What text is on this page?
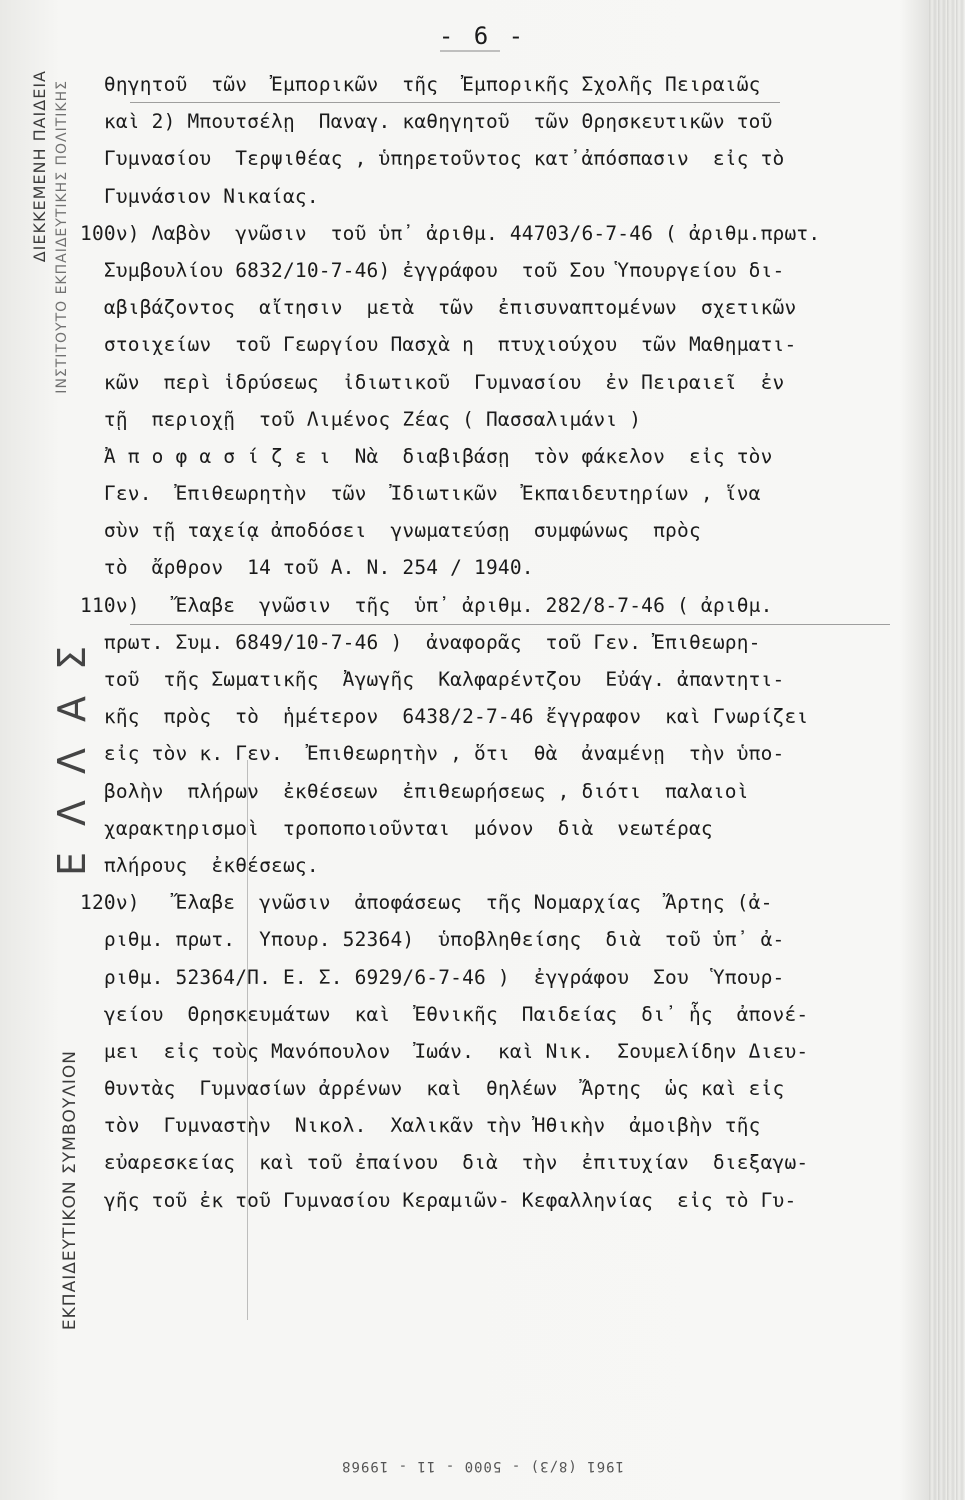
ΔΙΕΚΚΕΜΕΝΗ ΠΑΙΔΕΙΑ ΙΝΣΤΙΤΟΥΤΟ ΕΚΠΑΙΔΕΥΤΙΚΗΣ ΠΟΛΙΤΙΚΗΣ
ΕΛΛΑΣ
ΕΚΠΑΙΔΕΥΤΙΚΟΝ ΣΥΜΒΟΥΛΙΟΝ
- 6 -
θηγητοῦ  τῶν  Ἐμπορικῶν  τῆς  Ἐμπορικῆς Σχολῆς Πειραιῶς
καὶ 2) Μπουτσέλῃ  Παναγ. καθηγητοῦ  τῶν Θρησκευτικῶν τοῦ
Γυμνασίου  Τερψιθέας , ὑπηρετοῦντος κατ᾽ἀπόσπασιν  εἰς τὸ
Γυμνάσιον Νικαίας.
100ν) Λαβὸν  γνῶσιν  τοῦ ὑπ᾽ ἀριθμ. 44703/6-7-46 ( ἀριθμ.πρωτ.
Συμβουλίου 6832/10-7-46) ἐγγράφου  τοῦ Σου Ὑπουργείου δι-
αβιβάζοντος  αἴτησιν  μετὰ  τῶν  ἐπισυναπτομένων  σχετικῶν
στοιχείων  τοῦ Γεωργίου Πασχὰ η  πτυχιούχου  τῶν Μαθηματι-
κῶν  περὶ ἱδρύσεως  ἰδιωτικοῦ  Γυμνασίου  ἐν Πειραιεῖ  ἐν
τῇ  περιοχῇ  τοῦ Λιμένος Ζέας ( Πασσαλιμάνι )
Ἀ π ο φ α σ ί ζ ε ι  Νὰ  διαβιβάσῃ  τὸν φάκελον  εἰς τὸν
Γεν.  Ἐπιθεωρητὴν  τῶν  Ἰδιωτικῶν  Ἐκπαιδευτηρίων , ἵνα
σὺν τῇ ταχείᾳ ἀποδόσει  γνωματεύσῃ  συμφώνως  πρὸς
τὸ  ἄρθρον  14 τοῦ Α. Ν. 254 / 1940.
110ν)   Ἔλαβε  γνῶσιν  τῆς  ὑπ᾽ ἀριθμ. 282/8-7-46 ( ἀριθμ.
πρωτ. Συμ. 6849/10-7-46 )  ἀναφορᾶς  τοῦ Γεν. Ἐπιθεωρη-
τοῦ  τῆς Σωματικῆς  Ἀγωγῆς  Καλφαρέντζου  Εὐάγ. ἀπαντητι-
κῆς  πρὸς  τὸ  ἡμέτερον  6438/2-7-46 ἔγγραφον  καὶ Γνωρίζει
εἰς τὸν κ. Γεν.  Ἐπιθεωρητὴν , ὅτι  θὰ  ἀναμένῃ  τὴν ὑπο-
βολὴν  πλήρων  ἐκθέσεων  ἐπιθεωρήσεως , διότι  παλαιοὶ
χαρακτηρισμοὶ  τροποποιοῦνται  μόνον  διὰ  νεωτέρας
πλήρους  ἐκθέσεως.
120ν)   Ἔλαβε  γνῶσιν  ἀποφάσεως  τῆς Νομαρχίας  Ἄρτης (ἀ-
ριθμ. πρωτ.  Υπουρ. 52364)  ὑποβληθείσης  διὰ  τοῦ ὑπ᾽ ἀ-
ριθμ. 52364/Π. Ε. Σ. 6929/6-7-46 )  ἐγγράφου  Σου  Ὑπουρ-
γείου  Θρησκευμάτων  καὶ  Ἐθνικῆς  Παιδείας  δι᾽ ἧς  ἀπονέ-
μει  εἰς τοὺς Μανόπουλον  Ἰωάν.  καὶ Νικ.  Σουμελίδην Διευ-
θυντὰς  Γυμνασίων ἀρρένων  καὶ  θηλέων  Ἄρτης  ὡς καὶ εἰς
τὸν  Γυμναστὴν  Νικολ.  Χαλικᾶν τὴν Ἠθικὴν  ἀμοιβὴν τῆς
εὐαρεσκείας  καὶ τοῦ ἐπαίνου  διὰ  τὴν  ἐπιτυχίαν  διεξαγω-
γῆς τοῦ ἐκ τοῦ Γυμνασίου Κεραμιῶν- Κεφαλληνίας  εἰς τὸ Γυ-
1961 (8/3) - 5000 - 11 - 19968
